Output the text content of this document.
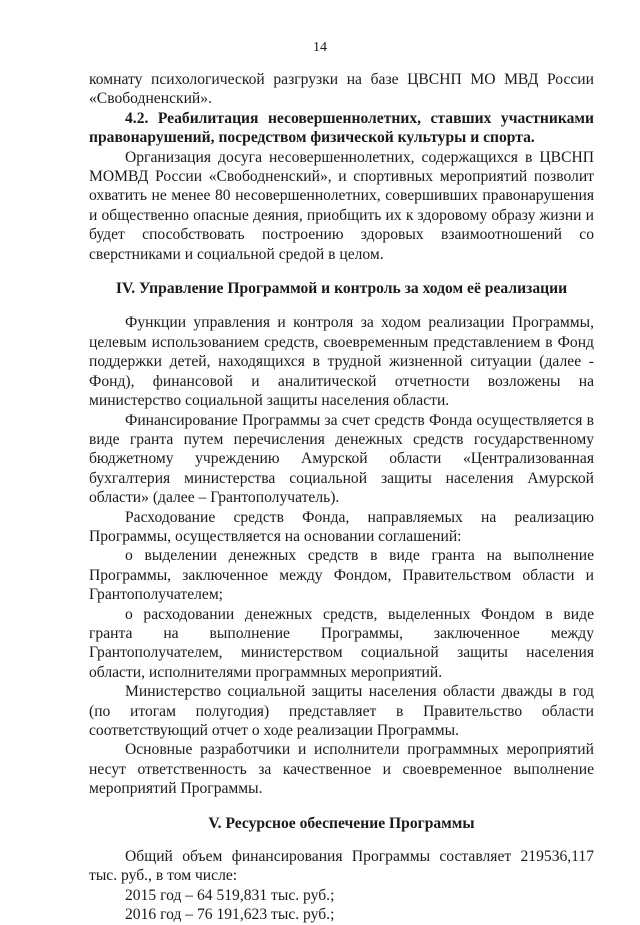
14

комнату психологической разгрузки на базе ЦВСНП МО МВД России «Свободненский».

4.2. Реабилитация несовершеннолетних, ставших участниками правонарушений, посредством физической культуры и спорта.

Организация досуга несовершеннолетних, содержащихся в ЦВСНП МОМВД России «Свободненский», и спортивных мероприятий позволит охватить не менее 80 несовершеннолетних, совершивших правонарушения и общественно опасные деяния, приобщить их к здоровому образу жизни и будет способствовать построению здоровых взаимоотношений со сверстниками и социальной средой в целом.

IV. Управление Программой и контроль за ходом её реализации

Функции управления и контроля за ходом реализации Программы, целевым использованием средств, своевременным представлением в Фонд поддержки детей, находящихся в трудной жизненной ситуации (далее - Фонд), финансовой и аналитической отчетности возложены на министерство социальной защиты населения области.

Финансирование Программы за счет средств Фонда осуществляется в виде гранта путем перечисления денежных средств государственному бюджетному учреждению Амурской области «Централизованная бухгалтерия министерства социальной защиты населения Амурской области» (далее – Грантополучатель).

Расходование средств Фонда, направляемых на реализацию Программы, осуществляется на основании соглашений:

о выделении денежных средств в виде гранта на выполнение Программы, заключенное между Фондом, Правительством области и Грантополучателем;

о расходовании денежных средств, выделенных Фондом в виде гранта на выполнение Программы, заключенное между Грантополучателем, министерством социальной защиты населения области, исполнителями программных мероприятий.

Министерство социальной защиты населения области дважды в год (по итогам полугодия) представляет в Правительство области соответствующий отчет о ходе реализации Программы.

Основные разработчики и исполнители программных мероприятий несут ответственность за качественное и своевременное выполнение мероприятий Программы.

V. Ресурсное обеспечение Программы

Общий объем финансирования Программы составляет 219536,117 тыс. руб., в том числе:

2015 год – 64 519,831 тыс. руб.;

2016 год – 76 191,623 тыс. руб.;
